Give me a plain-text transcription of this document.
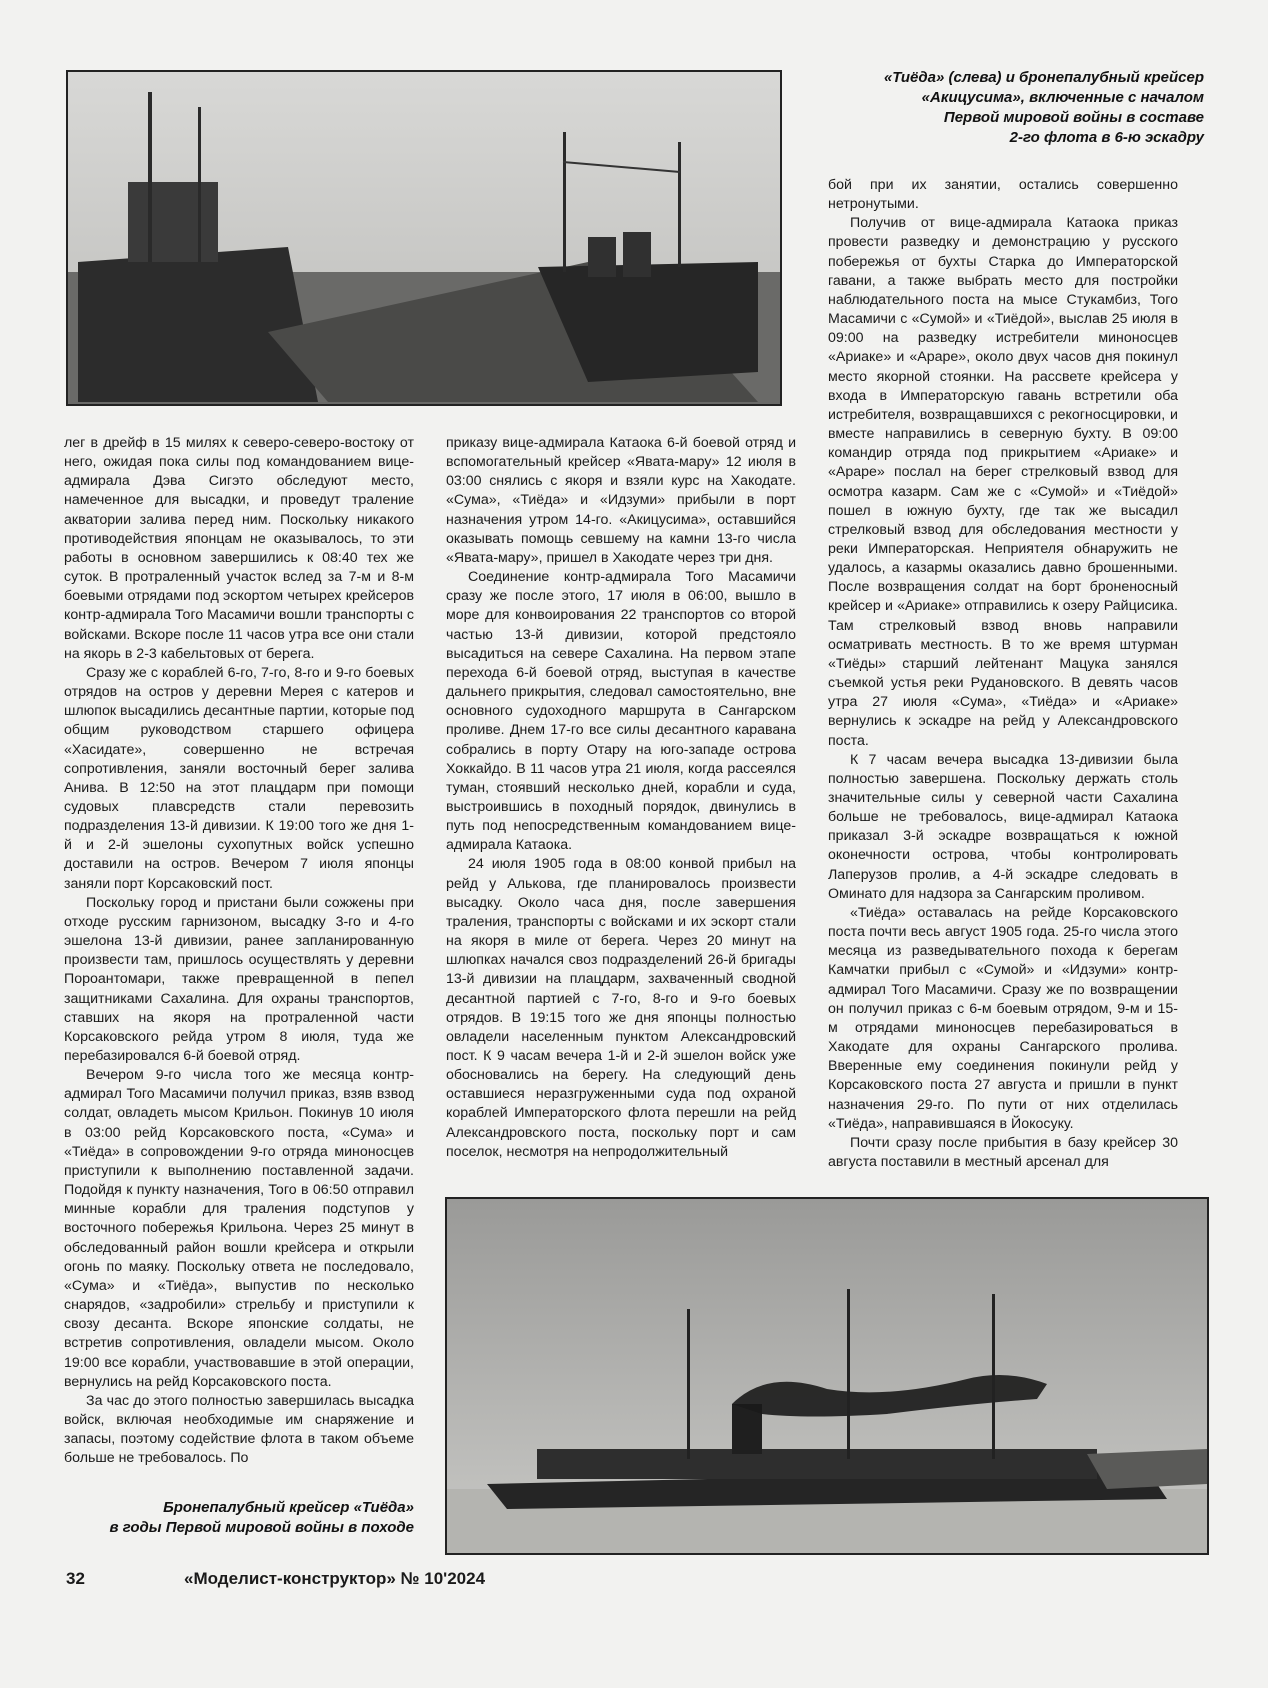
«Тиёда» (слева) и бронепалубный крейсер
«Акицусима», включенные с началом
Первой мировой войны в составе
2-го флота в 6-ю эскадру

лег в дрейф в 15 милях к северо-северо-востоку от него, ожидая пока силы под командованием вице-адмирала Дэва Сигэто обследуют место, намеченное для высадки, и проведут траление акватории залива перед ним. Поскольку никакого противодействия японцам не оказывалось, то эти работы в основном завершились к 08:40 тех же суток. В протраленный участок вслед за 7-м и 8-м боевыми отрядами под эскортом четырех крейсеров контр-адмирала Того Масамичи вошли транспорты с войсками. Вскоре после 11 часов утра все они стали на якорь в 2-3 кабельтовых от берега.

Сразу же с кораблей 6-го, 7-го, 8-го и 9-го боевых отрядов на остров у деревни Мерея с катеров и шлюпок высадились десантные партии, которые под общим руководством старшего офицера «Хасидате», совершенно не встречая сопротивления, заняли восточный берег залива Анива. В 12:50 на этот плацдарм при помощи судовых плавсредств стали перевозить подразделения 13-й дивизии. К 19:00 того же дня 1-й и 2-й эшелоны сухопутных войск успешно доставили на остров. Вечером 7 июля японцы заняли порт Корсаковский пост.

Поскольку город и пристани были сожжены при отходе русским гарнизоном, высадку 3-го и 4-го эшелона 13-й дивизии, ранее запланированную произвести там, пришлось осуществлять у деревни Пороантомари, также превращенной в пепел защитниками Сахалина. Для охраны транспортов, ставших на якоря на протраленной части Корсаковского рейда утром 8 июля, туда же перебазировался 6-й боевой отряд.

Вечером 9-го числа того же месяца контр-адмирал Того Масамичи получил приказ, взяв взвод солдат, овладеть мысом Крильон. Покинув 10 июля в 03:00 рейд Корсаковского поста, «Сума» и «Тиёда» в сопровождении 9-го отряда миноносцев приступили к выполнению поставленной задачи. Подойдя к пункту назначения, Того в 06:50 отправил минные корабли для траления подступов у восточного побережья Крильона. Через 25 минут в обследованный район вошли крейсера и открыли огонь по маяку. Поскольку ответа не последовало, «Сума» и «Тиёда», выпустив по несколько снарядов, «задробили» стрельбу и приступили к свозу десанта. Вскоре японские солдаты, не встретив сопротивления, овладели мысом. Около 19:00 все корабли, участвовавшие в этой операции, вернулись на рейд Корсаковского поста.

За час до этого полностью завершилась высадка войск, включая необходимые им снаряжение и запасы, поэтому содействие флота в таком объеме больше не требовалось. По

приказу вице-адмирала Катаока 6-й боевой отряд и вспомогательный крейсер «Явата-мару» 12 июля в 03:00 снялись с якоря и взяли курс на Хакодате. «Сума», «Тиёда» и «Идзуми» прибыли в порт назначения утром 14-го. «Акицусима», оставшийся оказывать помощь севшему на камни 13-го числа «Явата-мару», пришел в Хакодате через три дня.

Соединение контр-адмирала Того Масамичи сразу же после этого, 17 июля в 06:00, вышло в море для конвоирования 22 транспортов со второй частью 13-й дивизии, которой предстояло высадиться на севере Сахалина. На первом этапе перехода 6-й боевой отряд, выступая в качестве дальнего прикрытия, следовал самостоятельно, вне основного судоходного маршрута в Сангарском проливе. Днем 17-го все силы десантного каравана собрались в порту Отару на юго-западе острова Хоккайдо. В 11 часов утра 21 июля, когда рассеялся туман, стоявший несколько дней, корабли и суда, выстроившись в походный порядок, двинулись в путь под непосредственным командованием вице-адмирала Катаока.

24 июля 1905 года в 08:00 конвой прибыл на рейд у Алькова, где планировалось произвести высадку. Около часа дня, после завершения траления, транспорты с войсками и их эскорт стали на якоря в миле от берега. Через 20 минут на шлюпках начался своз подразделений 26-й бригады 13-й дивизии на плацдарм, захваченный сводной десантной партией с 7-го, 8-го и 9-го боевых отрядов. В 19:15 того же дня японцы полностью овладели населенным пунктом Александровский пост. К 9 часам вечера 1-й и 2-й эшелон войск уже обосновались на берегу. На следующий день оставшиеся неразгруженными суда под охраной кораблей Императорского флота перешли на рейд Александровского поста, поскольку порт и сам поселок, несмотря на непродолжительный

бой при их занятии, остались совершенно нетронутыми.

Получив от вице-адмирала Катаока приказ провести разведку и демонстрацию у русского побережья от бухты Старка до Императорской гавани, а также выбрать место для постройки наблюдательного поста на мысе Стукамбиз, Того Масамичи с «Сумой» и «Тиёдой», выслав 25 июля в 09:00 на разведку истребители миноносцев «Ариаке» и «Араре», около двух часов дня покинул место якорной стоянки. На рассвете крейсера у входа в Императорскую гавань встретили оба истребителя, возвращавшихся с рекогносцировки, и вместе направились в северную бухту. В 09:00 командир отряда под прикрытием «Ариаке» и «Араре» послал на берег стрелковый взвод для осмотра казарм. Сам же с «Сумой» и «Тиёдой» пошел в южную бухту, где так же высадил стрелковый взвод для обследования местности у реки Императорская. Неприятеля обнаружить не удалось, а казармы оказались давно брошенными. После возвращения солдат на борт броненосный крейсер и «Ариаке» отправились к озеру Райцисика. Там стрелковый взвод вновь направили осматривать местность. В то же время штурман «Тиёды» старший лейтенант Мацука занялся съемкой устья реки Рудановского. В девять часов утра 27 июля «Сума», «Тиёда» и «Ариаке» вернулись к эскадре на рейд у Александровского поста.

К 7 часам вечера высадка 13-дивизии была полностью завершена. Поскольку держать столь значительные силы у северной части Сахалина больше не требовалось, вице-адмирал Катаока приказал 3-й эскадре возвращаться к южной оконечности острова, чтобы контролировать Лаперузов пролив, а 4-й эскадре следовать в Оминато для надзора за Сангарским проливом.

«Тиёда» оставалась на рейде Корсаковского поста почти весь август 1905 года. 25-го числа этого месяца из разведывательного похода к берегам Камчатки прибыл с «Сумой» и «Идзуми» контр-адмирал Того Масамичи. Сразу же по возвращении он получил приказ с 6-м боевым отрядом, 9-м и 15-м отрядами миноносцев перебазироваться в Хакодате для охраны Сангарского пролива. Вверенные ему соединения покинули рейд у Корсаковского поста 27 августа и пришли в пункт назначения 29-го. По пути от них отделилась «Тиёда», направившаяся в Йокосуку.

Почти сразу после прибытия в базу крейсер 30 августа поставили в местный арсенал для

Бронепалубный крейсер «Тиёда»
в годы Первой мировой войны в походе
32	«Моделист-конструктор» № 10'2024
